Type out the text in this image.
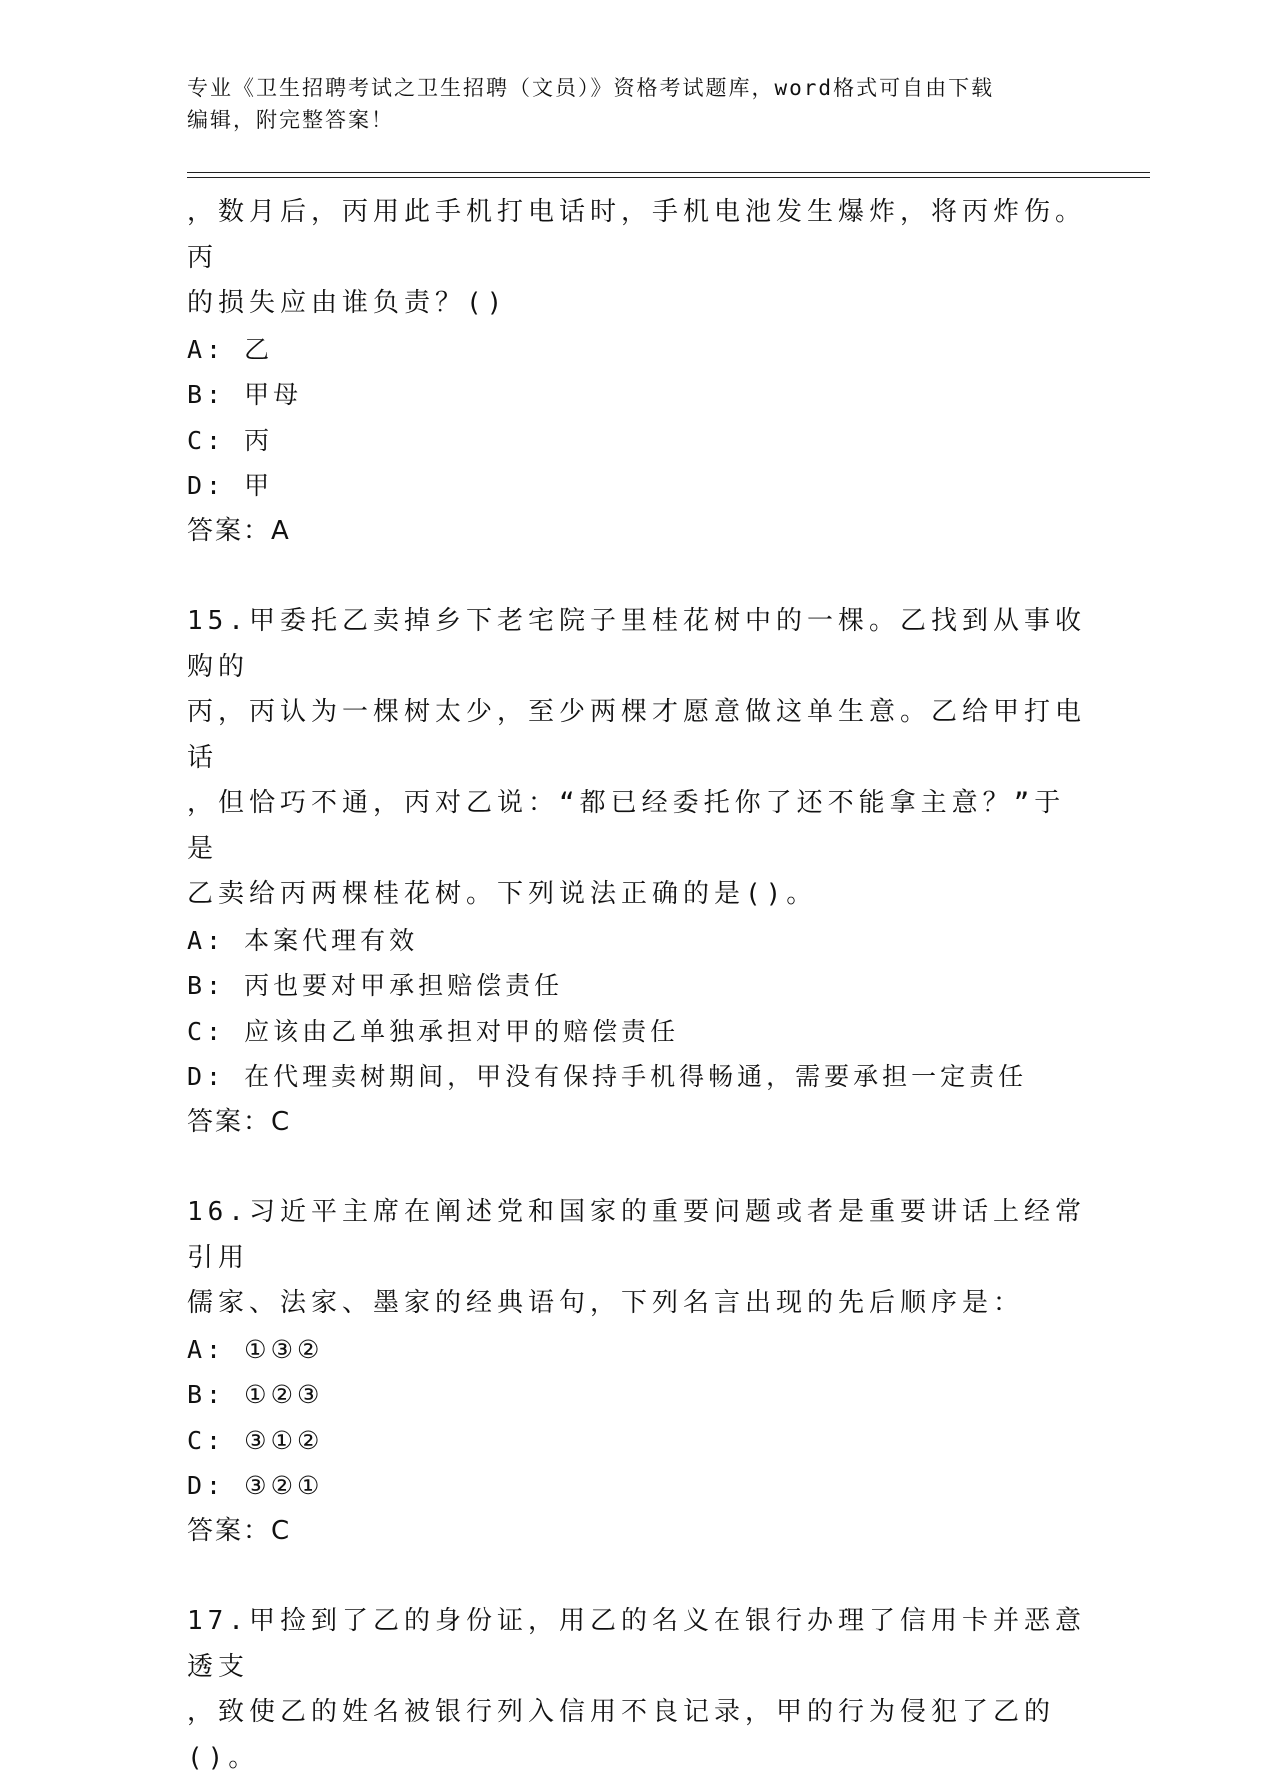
专业《卫生招聘考试之卫生招聘（文员）》资格考试题库，word格式可自由下载
编辑，附完整答案！

，数月后，丙用此手机打电话时，手机电池发生爆炸，将丙炸伤。丙

的损失应由谁负责？()

A: 乙

B: 甲母

C: 丙

D: 甲

答案：A

15.甲委托乙卖掉乡下老宅院子里桂花树中的一棵。乙找到从事收购的

丙，丙认为一棵树太少，至少两棵才愿意做这单生意。乙给甲打电话

，但恰巧不通，丙对乙说：“都已经委托你了还不能拿主意？”于是

乙卖给丙两棵桂花树。下列说法正确的是()。

A: 本案代理有效

B: 丙也要对甲承担赔偿责任

C: 应该由乙单独承担对甲的赔偿责任

D: 在代理卖树期间，甲没有保持手机得畅通，需要承担一定责任

答案：C

16.习近平主席在阐述党和国家的重要问题或者是重要讲话上经常引用

儒家、法家、墨家的经典语句，下列名言出现的先后顺序是：

A: ①③②

B: ①②③

C: ③①②

D: ③②①

答案：C

17.甲捡到了乙的身份证，用乙的名义在银行办理了信用卡并恶意透支

，致使乙的姓名被银行列入信用不良记录，甲的行为侵犯了乙的()。
